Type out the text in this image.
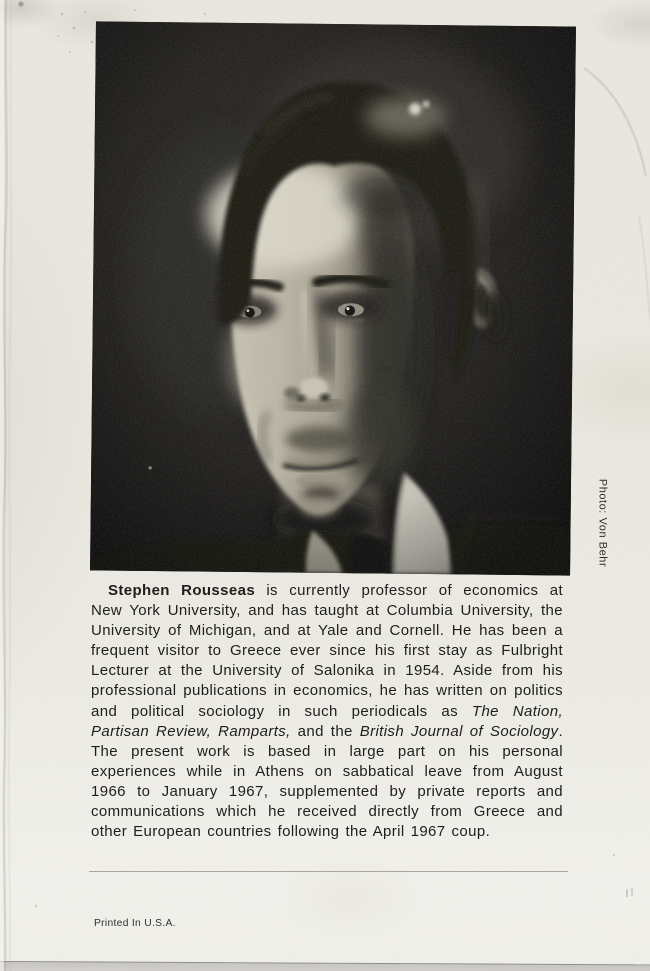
Photo: Von Behr

Stephen Rousseas is currently professor of economics at New York University, and has taught at Columbia University, the University of Michigan, and at Yale and Cornell. He has been a frequent visitor to Greece ever since his first stay as Fulbright Lecturer at the University of Salonika in 1954. Aside from his professional publications in economics, he has written on politics and political sociology in such periodicals as The Nation, Partisan Review, Ramparts, and the British Journal of Sociology. The present work is based in large part on his personal experiences while in Athens on sabbatical leave from August 1966 to January 1967, supplemented by private reports and communications which he received directly from Greece and other European countries following the April 1967 coup.

Printed In U.S.A.
